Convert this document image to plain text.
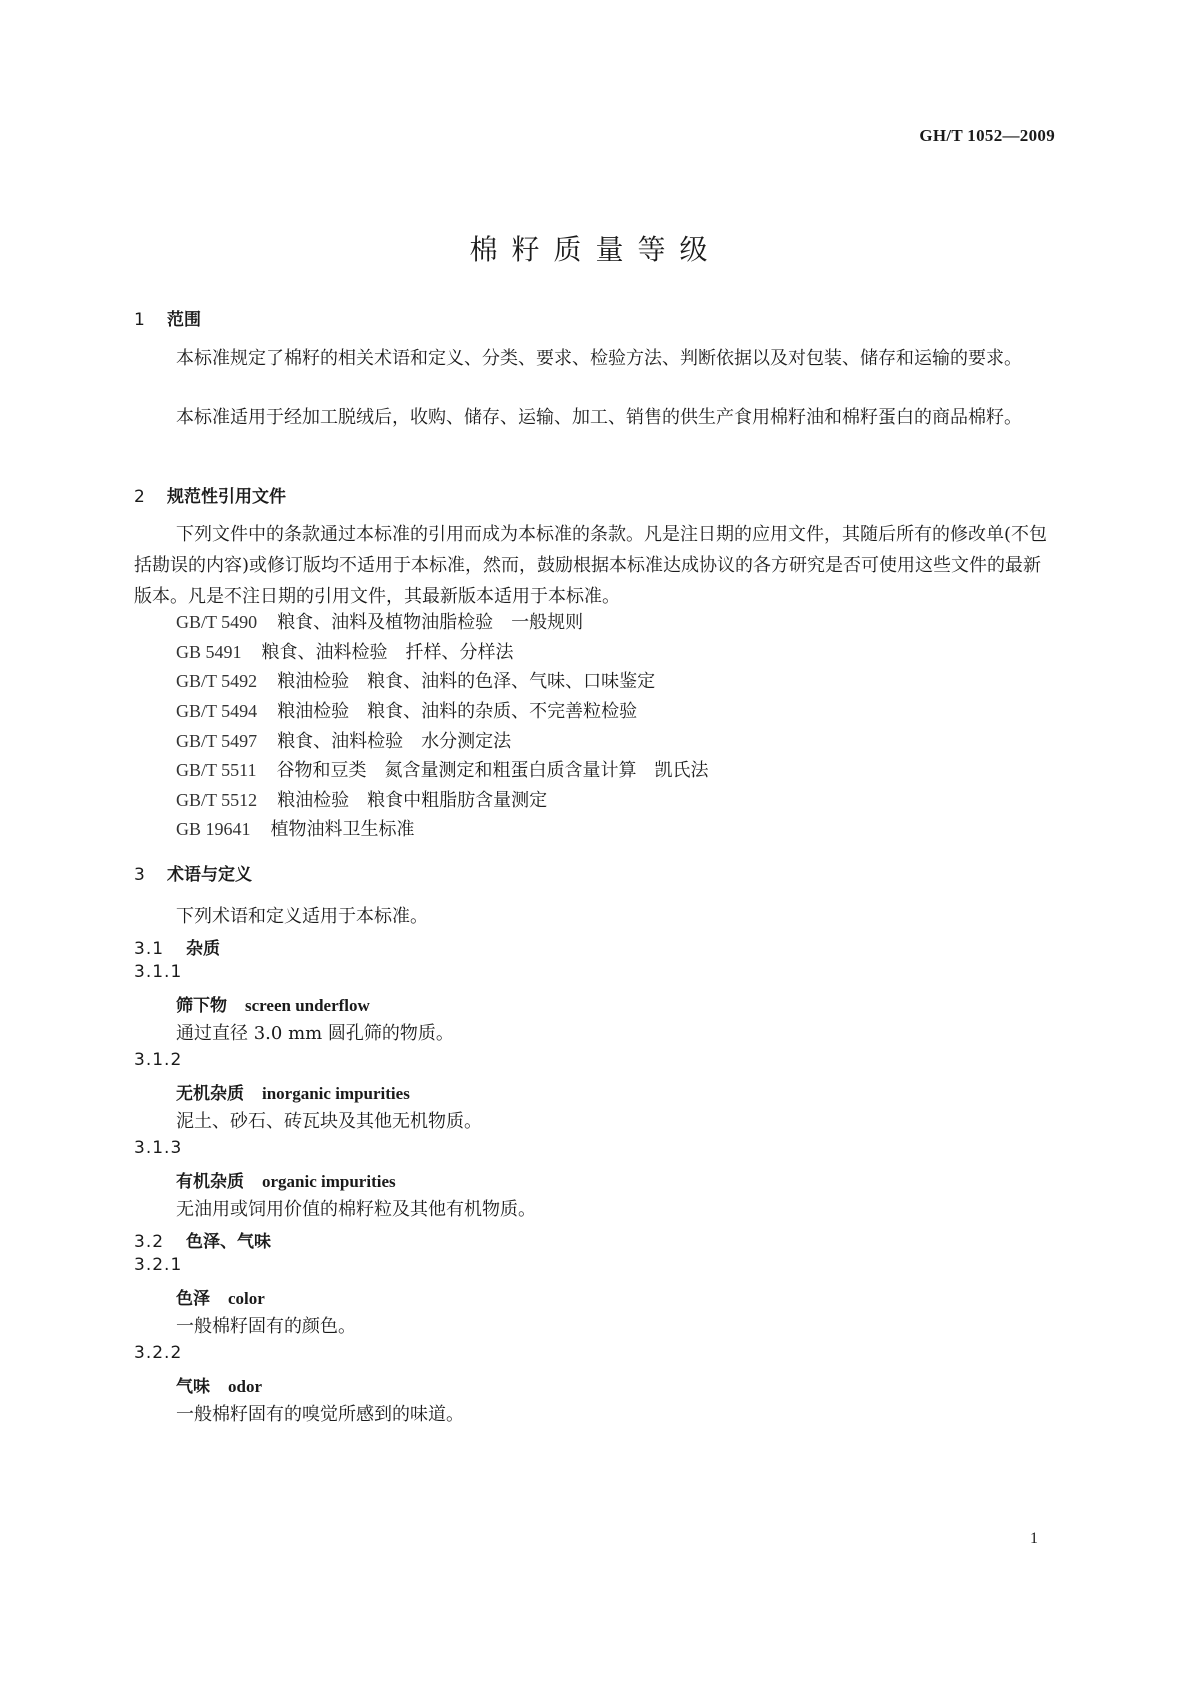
GH/T 1052—2009
棉籽质量等级
1 范围
本标准规定了棉籽的相关术语和定义、分类、要求、检验方法、判断依据以及对包装、储存和运输的要求。
本标准适用于经加工脱绒后，收购、储存、运输、加工、销售的供生产食用棉籽油和棉籽蛋白的商品棉籽。
2 规范性引用文件
下列文件中的条款通过本标准的引用而成为本标准的条款。凡是注日期的应用文件，其随后所有的修改单(不包括勘误的内容)或修订版均不适用于本标准，然而，鼓励根据本标准达成协议的各方研究是否可使用这些文件的最新版本。凡是不注日期的引用文件，其最新版本适用于本标准。
GB/T 5490 粮食、油料及植物油脂检验　一般规则
GB 5491 粮食、油料检验　扦样、分样法
GB/T 5492 粮油检验　粮食、油料的色泽、气味、口味鉴定
GB/T 5494 粮油检验　粮食、油料的杂质、不完善粒检验
GB/T 5497 粮食、油料检验　水分测定法
GB/T 5511 谷物和豆类　氮含量测定和粗蛋白质含量计算　凯氏法
GB/T 5512 粮油检验　粮食中粗脂肪含量测定
GB 19641 植物油料卫生标准
3 术语与定义
下列术语和定义适用于本标准。
3.1 杂质
3.1.1
筛下物 screen underflow
通过直径 3.0 mm 圆孔筛的物质。
3.1.2
无机杂质 inorganic impurities
泥土、砂石、砖瓦块及其他无机物质。
3.1.3
有机杂质 organic impurities
无油用或饲用价值的棉籽粒及其他有机物质。
3.2 色泽、气味
3.2.1
色泽 color
一般棉籽固有的颜色。
3.2.2
气味 odor
一般棉籽固有的嗅觉所感到的味道。
1
